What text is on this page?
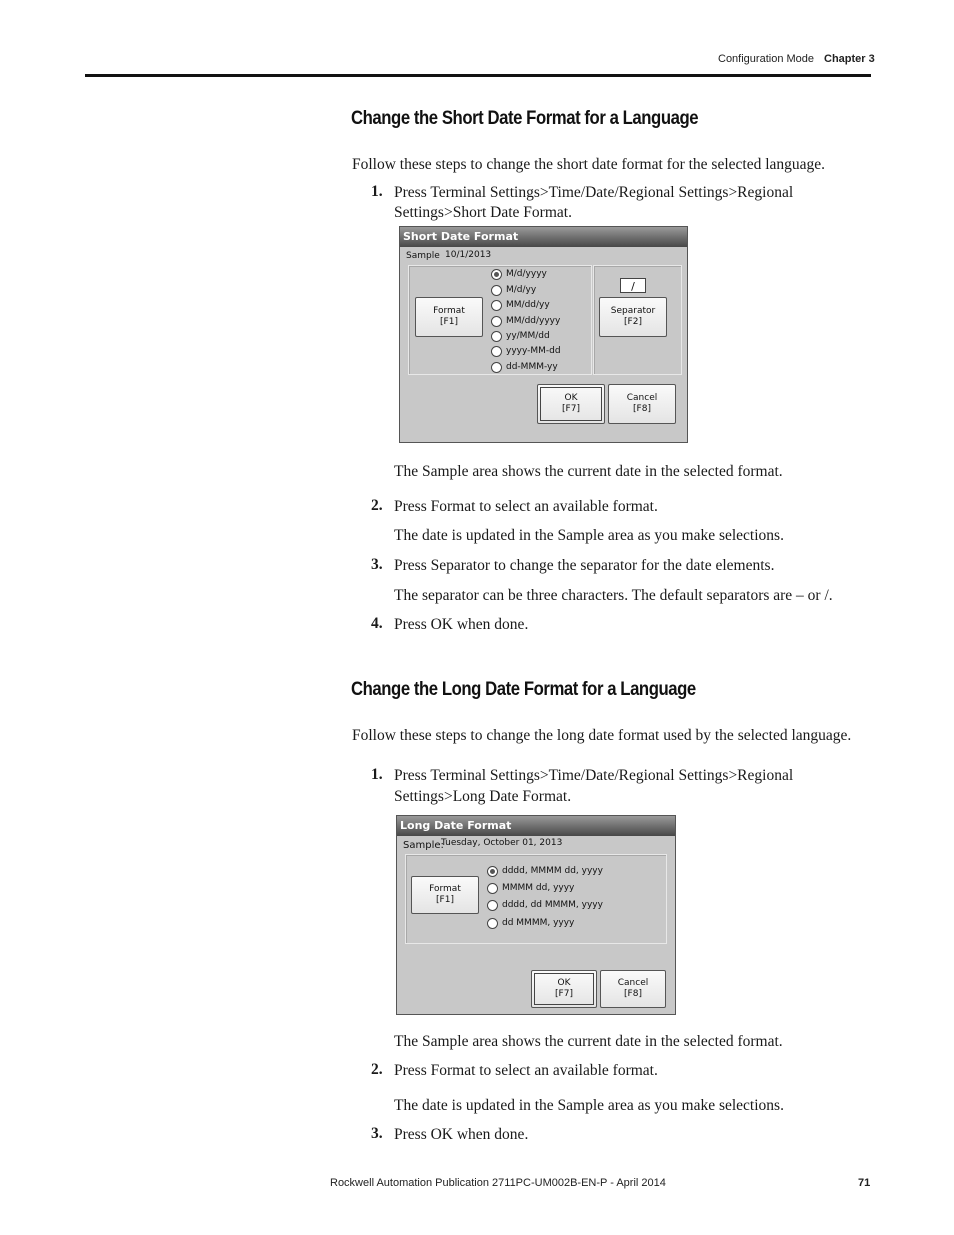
Configuration Mode Chapter 3
Change the Short Date Format for a Language

Follow these steps to change the short date format for the selected language.

1. Press Terminal Settings>Time/Date/Regional Settings>Regional

Settings>Short Date Format.

Short Date Format
Sample 10/1/2013
Format
[F1]
M/d/yyyy
M/d/yy
MM/dd/yy
MM/dd/yyyy
yy/MM/dd
yyyy-MM-dd
dd-MMM-yy
/
Separator
[F2]
OK
[F7]
Cancel
[F8]

The Sample area shows the current date in the selected format.

2. Press Format to select an available format.

The date is updated in the Sample area as you make selections.

3. Press Separator to change the separator for the date elements.

The separator can be three characters. The default separators are – or /.

4. Press OK when done.

Change the Long Date Format for a Language

Follow these steps to change the long date format used by the selected language.

1. Press Terminal Settings>Time/Date/Regional Settings>Regional

Settings>Long Date Format.

Long Date Format
Sample:
Tuesday, October 01, 2013
Format
[F1]
dddd, MMMM dd, yyyy
MMMM dd, yyyy
dddd, dd MMMM, yyyy
dd MMMM, yyyy
OK
[F7]
Cancel
[F8]

The Sample area shows the current date in the selected format.

2. Press Format to select an available format.

The date is updated in the Sample area as you make selections.

3. Press OK when done.

Rockwell Automation Publication 2711PC-UM002B-EN-P - April 2014	71
